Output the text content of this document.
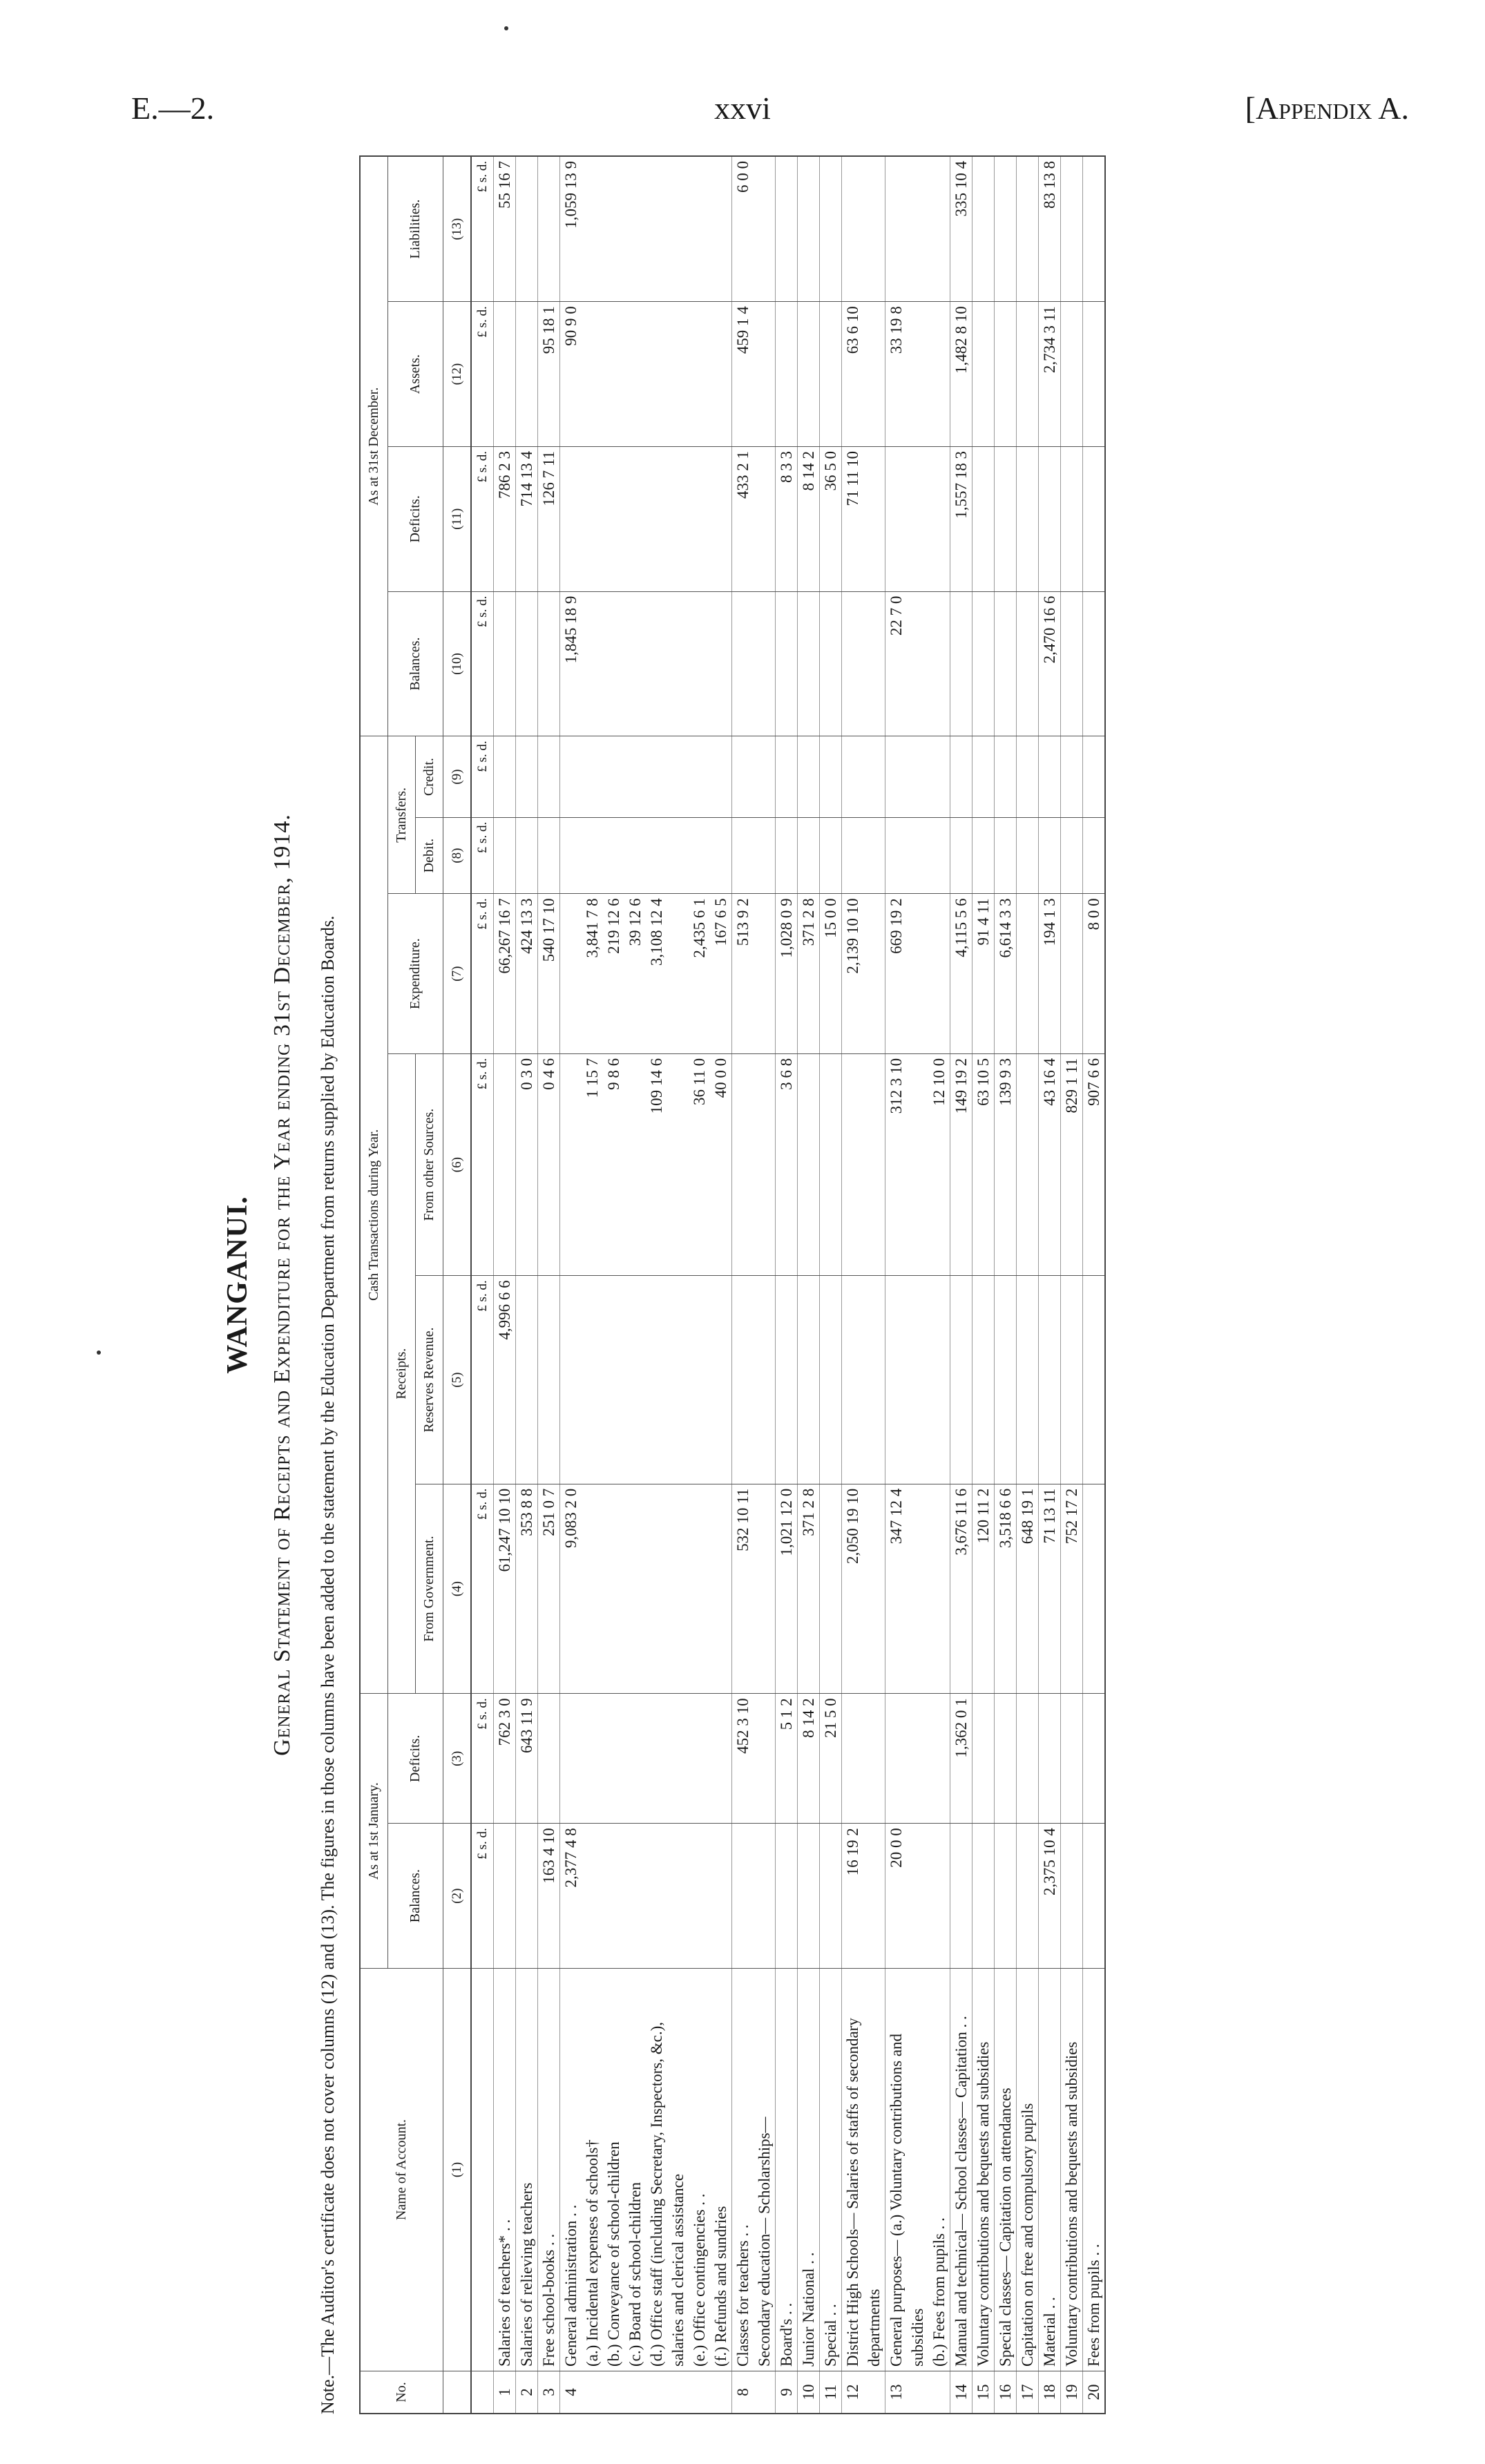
E.—2.	xxvi	[Appendix A.
WANGANUI. General Statement of Receipts and Expenditure for the Year ending 31st December, 1914. Note.—The Auditor's certificate does not cover columns (12) and (13). The figures in those columns have been added to the statement by the Education Department from returns supplied by Education Boards.	No.	Name of Account.	As at 1st January.		Cash Transactions during Year.						As at 31st December.			
		Balances.	Deficits.	Receipts.			Expenditure.	Transfers.		Balances.	Deficits.	Assets.	Liabilities.
				From Government.	Reserves Revenue.	From other Sources.		Debit.	Credit.				
	(1)	(2)	(3)	(4)	(5)	(6)	(7)	(8)	(9)	(10)	(11)	(12)	(13)
		£ s. d.	£ s. d.	£ s. d.	£ s. d.	£ s. d.	£ s. d.	£ s. d.	£ s. d.	£ s. d.	£ s. d.	£ s. d.	£ s. d.
1	Salaries of teachers* . .		762 3 0	61,247 10 10	4,996 6 6		66,267 16 7				786 2 3		55 16 7
2	Salaries of relieving teachers		643 11 9	353 8 8		0 3 0	424 13 3				714 13 4		
3	Free school-books . .	163 4 10		251 0 7		0 4 6	540 17 10				126 7 11	95 18 1	
4	General administration . .	2,377 4 8		9,083 2 0						1,845 18 9		90 9 0	1,059 13 9
	(a.) Incidental expenses of schools†					1 15 7	3,841 7 8						
	(b.) Conveyance of school-children					9 8 6	219 12 6						
	(c.) Board of school-children						39 12 6						
	(d.) Office staff (including Secretary, Inspectors, &c.), salaries and clerical assistance					109 14 6	3,108 12 4						
	(e.) Office contingencies . .					36 11 0	2,435 6 1						
	(f.) Refunds and sundries					40 0 0	167 6 5						
8	Classes for teachers . .		452 3 10	532 10 11			513 9 2				433 2 1	459 1 4	6 0 0
	Secondary education— Scholarships—												
9	Board's . .		5 1 2	1,021 12 0		3 6 8	1,028 0 9				8 3 3		
10	Junior National . .		8 14 2	371 2 8			371 2 8				8 14 2		
11	Special . .		21 5 0				15 0 0				36 5 0		
12	District High Schools— Salaries of staffs of secondary departments	16 19 2		2,050 19 10			2,139 10 10				71 11 10	63 6 10	
13	General purposes— (a.) Voluntary contributions and subsidies	20 0 0		347 12 4		312 3 10	669 19 2			22 7 0		33 19 8	
	(b.) Fees from pupils . .					12 10 0							
14	Manual and technical— School classes— Capitation . .		1,362 0 1	3,676 11 6		149 19 2	4,115 5 6				1,557 18 3	1,482 8 10	335 10 4
15	Voluntary contributions and bequests and subsidies			120 11 2		63 10 5	91 4 11						
16	Special classes— Capitation on attendances			3,518 6 6		139 9 3	6,614 3 3						
17	Capitation on free and compulsory pupils			648 19 1									
18	Material . .	2,375 10 4		71 13 11		43 16 4	194 1 3			2,470 16 6		2,734 3 11	83 13 8
19	Voluntary contributions and bequests and subsidies			752 17 2		829 1 11							
20	Fees from pupils . .					907 6 6	8 0 0						
